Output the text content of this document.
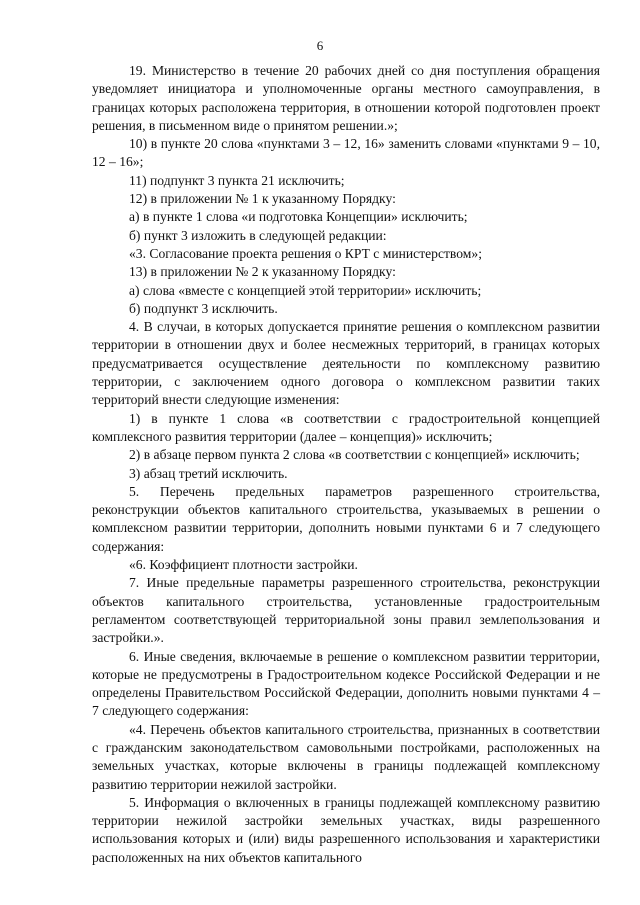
6

19. Министерство в течение 20 рабочих дней со дня поступления обращения уведомляет инициатора и уполномоченные органы местного самоуправления, в границах которых расположена территория, в отношении которой подготовлен проект решения, в письменном виде о принятом решении.»;

10) в пункте 20 слова «пунктами 3 – 12, 16» заменить словами «пунктами 9 – 10, 12 – 16»;

11) подпункт 3 пункта 21 исключить;

12) в приложении № 1 к указанному Порядку:

а) в пункте 1 слова «и подготовка Концепции» исключить;

б) пункт 3 изложить в следующей редакции:

«3. Согласование проекта решения о КРТ с министерством»;

13) в приложении № 2 к указанному Порядку:

а) слова «вместе с концепцией этой территории» исключить;

б) подпункт 3 исключить.

4. В случаи, в которых допускается принятие решения о комплексном развитии территории в отношении двух и более несмежных территорий, в границах которых предусматривается осуществление деятельности по комплексному развитию территории, с заключением одного договора о комплексном развитии таких территорий внести следующие изменения:

1) в пункте 1 слова «в соответствии с градостроительной концепцией комплексного развития территории (далее – концепция)» исключить;

2) в абзаце первом пункта 2 слова «в соответствии с концепцией» исключить;

3) абзац третий исключить.

5. Перечень предельных параметров разрешенного строительства, реконструкции объектов капитального строительства, указываемых в решении о комплексном развитии территории, дополнить новыми пунктами 6 и 7 следующего содержания:

«6. Коэффициент плотности застройки.

7. Иные предельные параметры разрешенного строительства, реконструкции объектов капитального строительства, установленные градостроительным регламентом соответствующей территориальной зоны правил землепользования и застройки.».

6. Иные сведения, включаемые в решение о комплексном развитии территории, которые не предусмотрены в Градостроительном кодексе Российской Федерации и не определены Правительством Российской Федерации, дополнить новыми пунктами 4 – 7 следующего содержания:

«4. Перечень объектов капитального строительства, признанных в соответствии с гражданским законодательством самовольными постройками, расположенных на земельных участках, которые включены в границы подлежащей комплексному развитию территории нежилой застройки.

5. Информация о включенных в границы подлежащей комплексному развитию территории нежилой застройки земельных участках, виды разрешенного использования которых и (или) виды разрешенного использования и характеристики расположенных на них объектов капитального
